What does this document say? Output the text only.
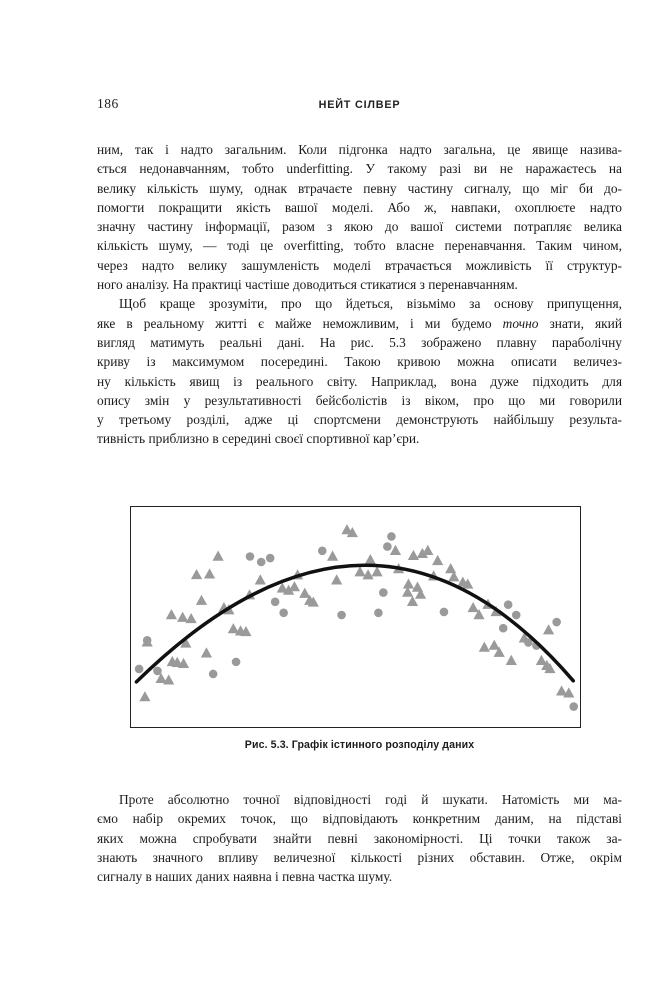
186	НЕЙТ СІЛВЕР
ним, так і надто загальним. Коли підгонка надто загальна, це явище назива-
ється недонавчанням, тобто underfitting. У такому разі ви не наражаєтесь на
велику кількість шуму, однак втрачаєте певну частину сигналу, що міг би до-
помогти покращити якість вашої моделі. Або ж, навпаки, охоплюєте надто
значну частину інформації, разом з якою до вашої системи потрапляє велика
кількість шуму, — тоді це overfitting, тобто власне перенавчання. Таким чином,
через надто велику зашумленість моделі втрачається можливість її структур-
ного аналізу. На практиці частіше доводиться стикатися з перенавчанням.
Щоб краще зрозуміти, про що йдеться, візьмімо за основу припущення,
яке в реальному житті є майже неможливим, і ми будемо точно знати, який
вигляд матимуть реальні дані. На рис. 5.3 зображено плавну параболічну
криву із максимумом посередині. Такою кривою можна описати величез-
ну кількість явищ із реального світу. Наприклад, вона дуже підходить для
опису змін у результативності бейсболістів із віком, про що ми говорили
у третьому розділі, адже ці спортсмени демонструють найбільшу результа-
тивність приблизно в середині своєї спортивної кар’єри.
Рис. 5.3. Графік істинного розподілу даних
Проте абсолютно точної відповідності годі й шукати. Натомість ми ма-
ємо набір окремих точок, що відповідають конкретним даним, на підставі
яких можна спробувати знайти певні закономірності. Ці точки також за-
знають значного впливу величезної кількості різних обставин. Отже, окрім
сигналу в наших даних наявна і певна частка шуму.
